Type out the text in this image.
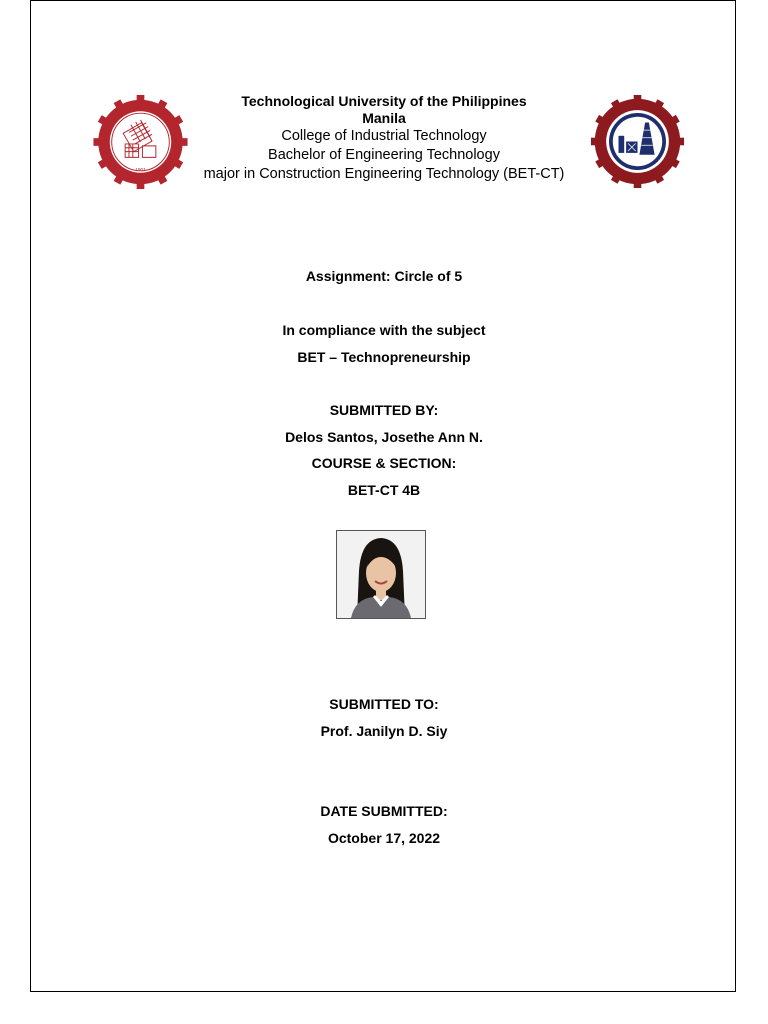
1901
Technological University of the Philippines
Manila
College of Industrial Technology
Bachelor of Engineering Technology
major in Construction Engineering Technology (BET-CT)
Assignment: Circle of 5
In compliance with the subject
BET – Technopreneurship
SUBMITTED BY:
Delos Santos, Josethe Ann N.
COURSE & SECTION:
BET-CT 4B
SUBMITTED TO:
Prof. Janilyn D. Siy
DATE SUBMITTED:
October 17, 2022
